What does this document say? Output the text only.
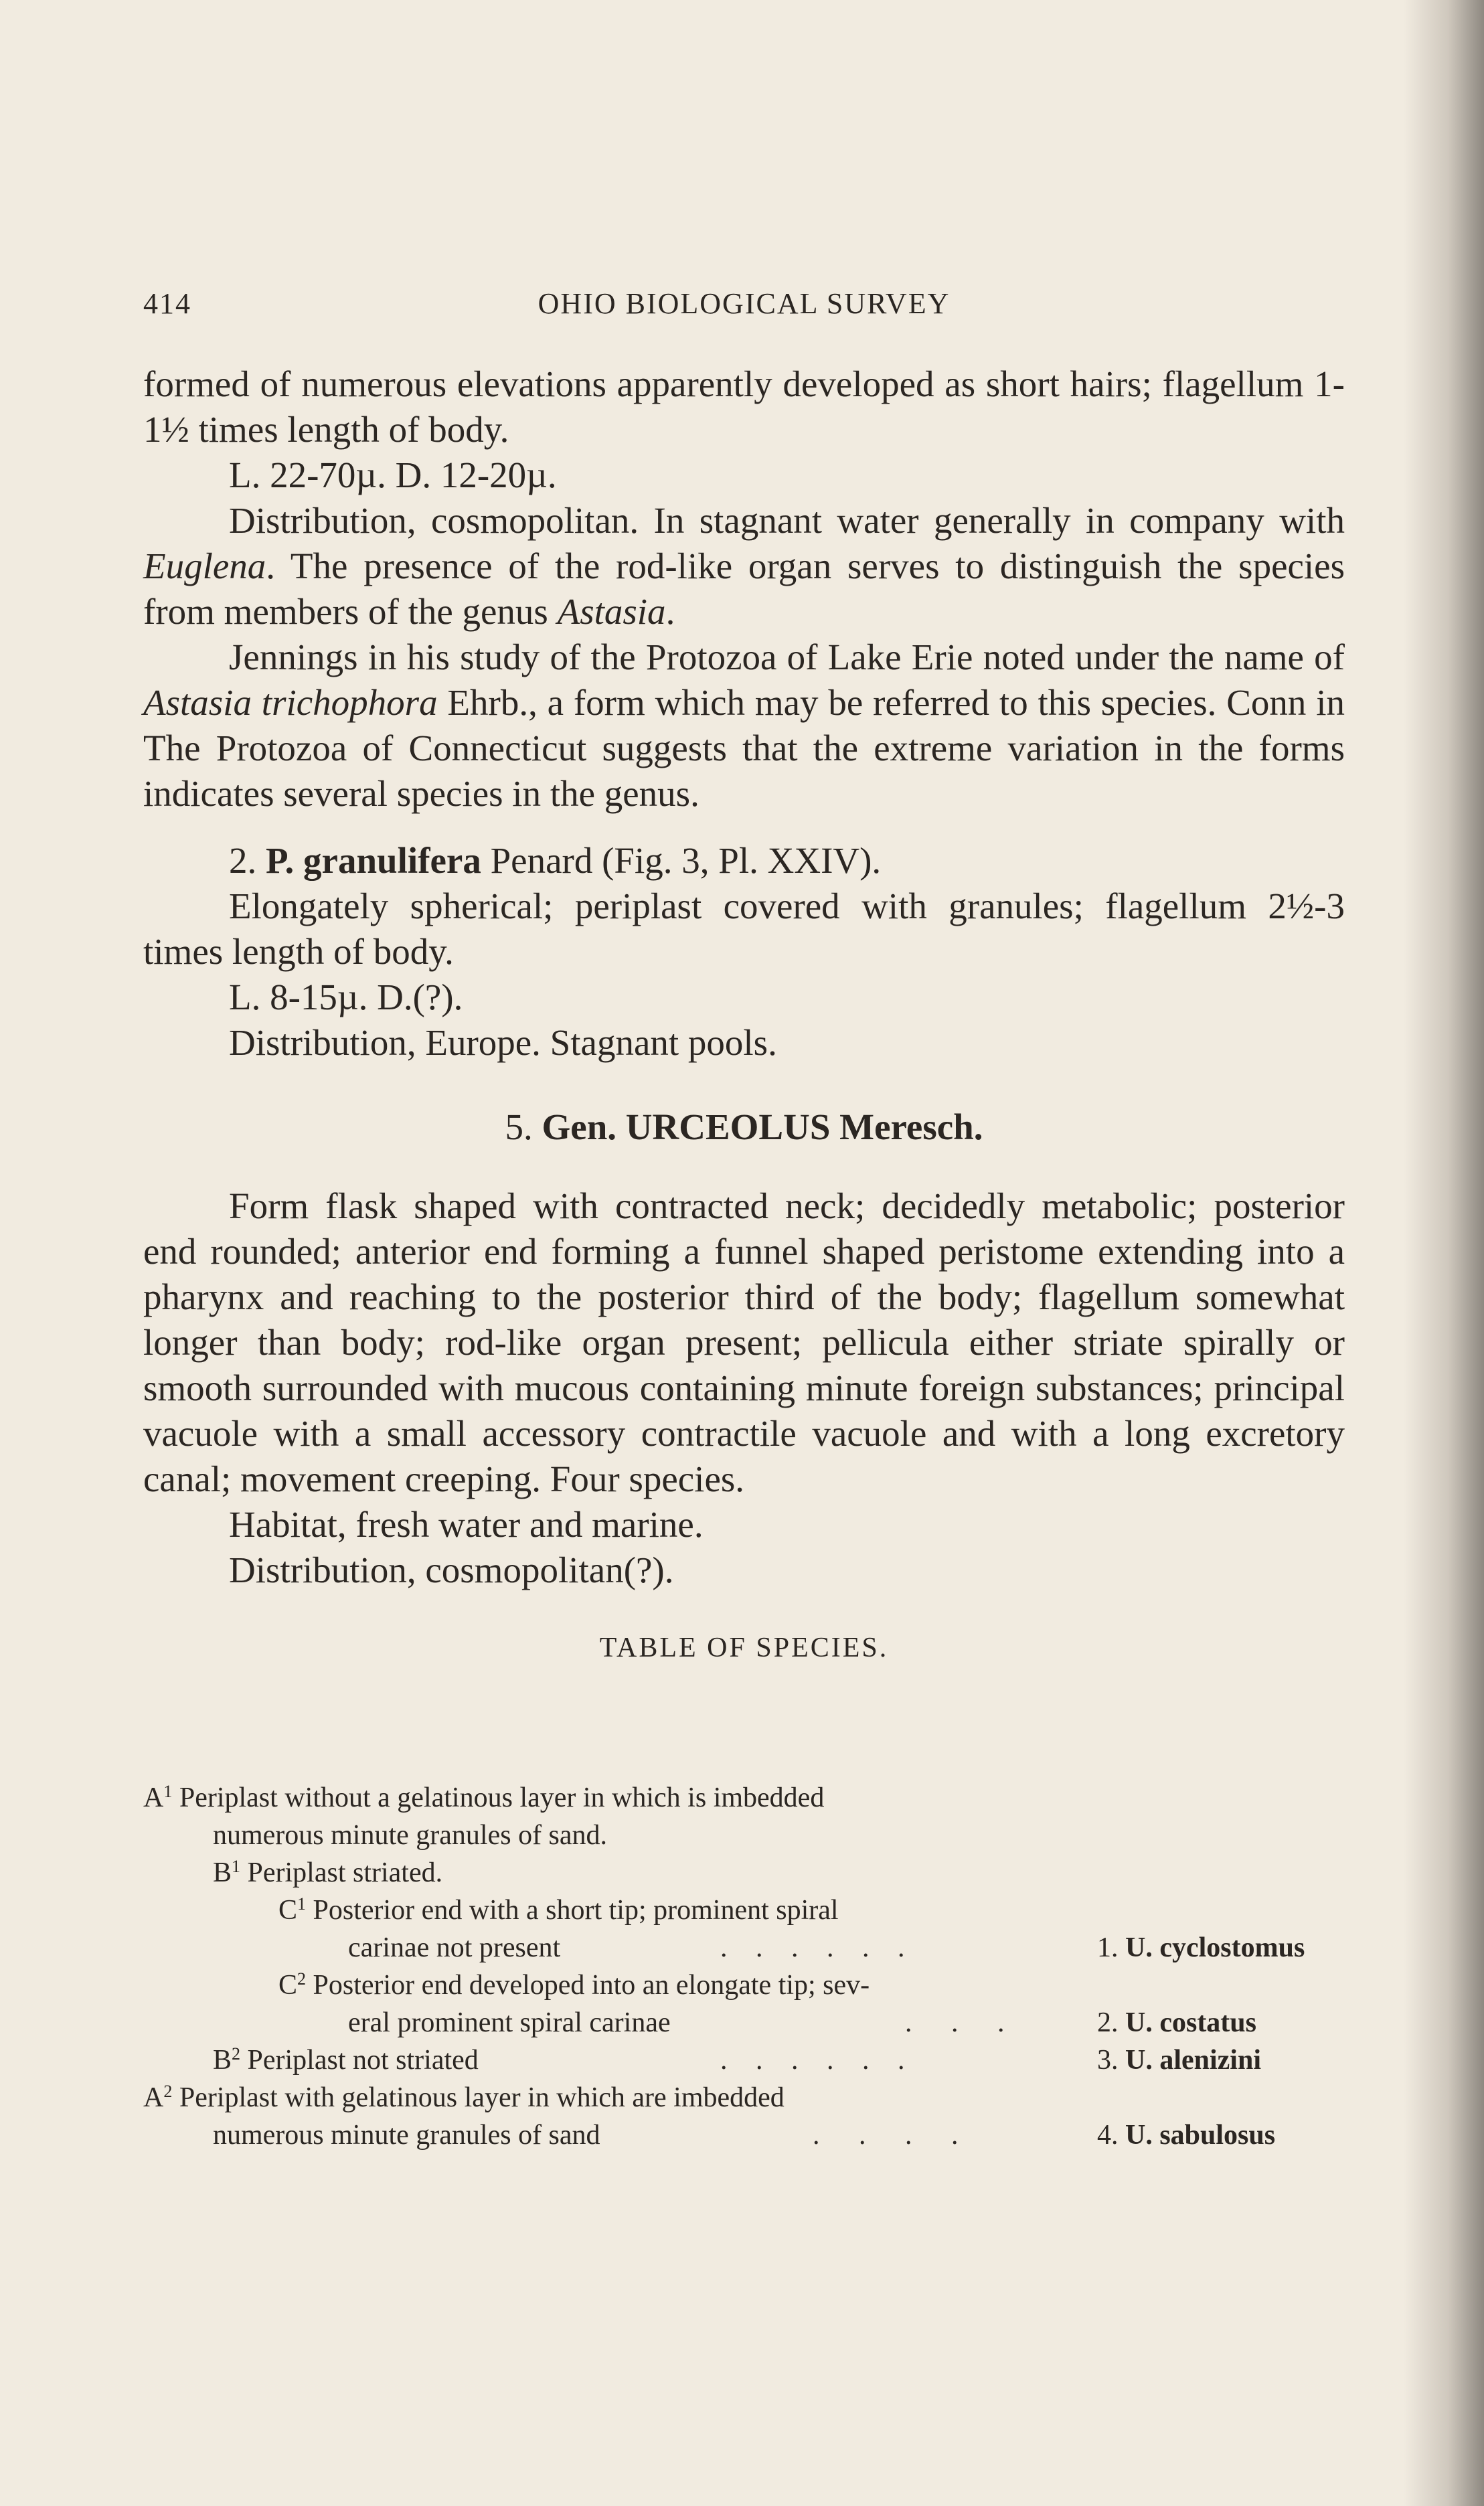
414	OHIO BIOLOGICAL SURVEY

formed of numerous elevations apparently developed as short hairs; flagellum 1-1½ times length of body.

L. 22-70µ. D. 12-20µ.

Distribution, cosmopolitan. In stagnant water generally in company with Euglena. The presence of the rod-like organ serves to distinguish the species from members of the genus Astasia.

Jennings in his study of the Protozoa of Lake Erie noted under the name of Astasia trichophora Ehrb., a form which may be referred to this species. Conn in The Protozoa of Connecticut suggests that the extreme variation in the forms indicates several species in the genus.

2. P. granulifera Penard (Fig. 3, Pl. XXIV).

Elongately spherical; periplast covered with granules; flagellum 2½-3 times length of body.

L. 8-15µ. D.(?).

Distribution, Europe. Stagnant pools.

5. Gen. URCEOLUS Meresch.

Form flask shaped with contracted neck; decidedly metabolic; posterior end rounded; anterior end forming a funnel shaped peristome extending into a pharynx and reaching to the posterior third of the body; flagellum somewhat longer than body; rod-like organ present; pellicula either striate spirally or smooth surrounded with mucous containing minute foreign substances; principal vacuole with a small accessory contractile vacuole and with a long excretory canal; movement creeping. Four species.

Habitat, fresh water and marine.

Distribution, cosmopolitan(?).

TABLE OF SPECIES.

$A^1$ Periplast without a gelatinous layer in which is imbedded
numerous minute granules of sand.
$B^1$ Periplast striated.
$C^1$ Posterior end with a short tip; prominent spiral
carinae not present	. . . . . .	1. U. cyclostomus
$C^2$ Posterior end developed into an elongate tip; sev-
eral prominent spiral carinae	. . .	2. U. costatus
$B^2$ Periplast not striated	. . . . . .	3. U. alenizini
$A^2$ Periplast with gelatinous layer in which are imbedded
numerous minute granules of sand	. . . .	4. U. sabulosus
